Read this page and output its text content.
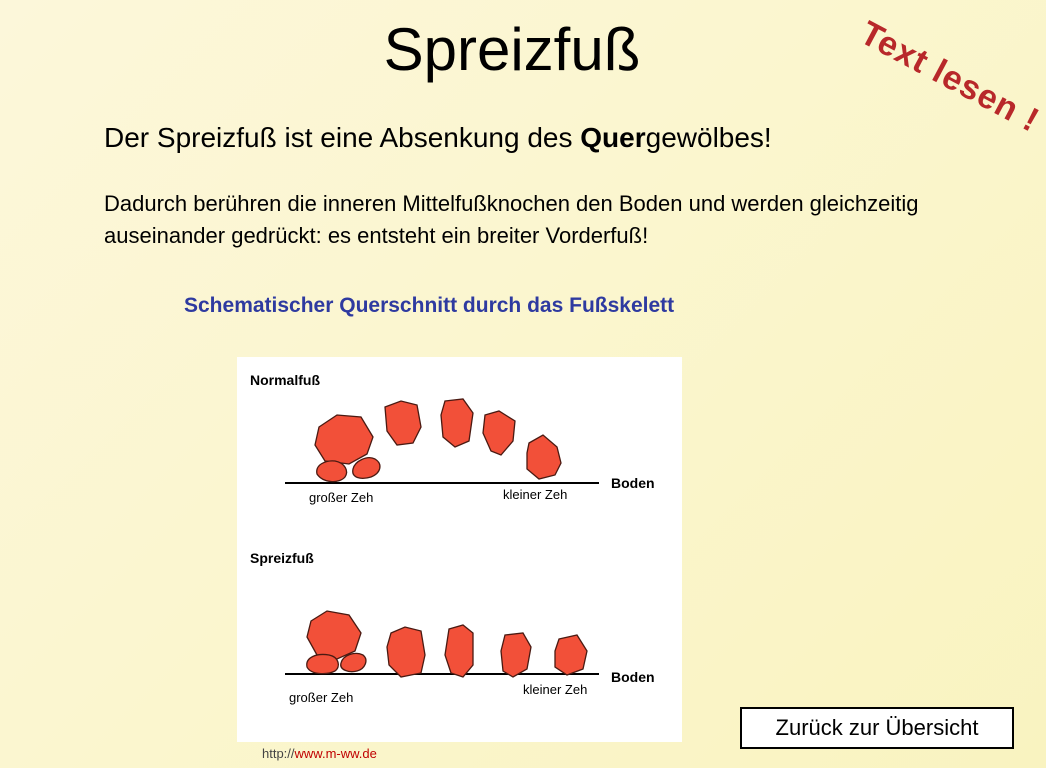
Spreizfuß	Text lesen !
Der Spreizfuß ist eine Absenkung des Quergewölbes!
Dadurch berühren die inneren Mittelfußknochen den Boden und werden gleichzeitig auseinander gedrückt: es entsteht ein breiter Vorderfuß!
Schematischer Querschnitt durch das Fußskelett
Normalfuß
Boden
großer Zeh	kleiner Zeh
Spreizfuß
Boden
großer Zeh
kleiner Zeh
Zurück zur Übersicht
http://www.m-ww.de
